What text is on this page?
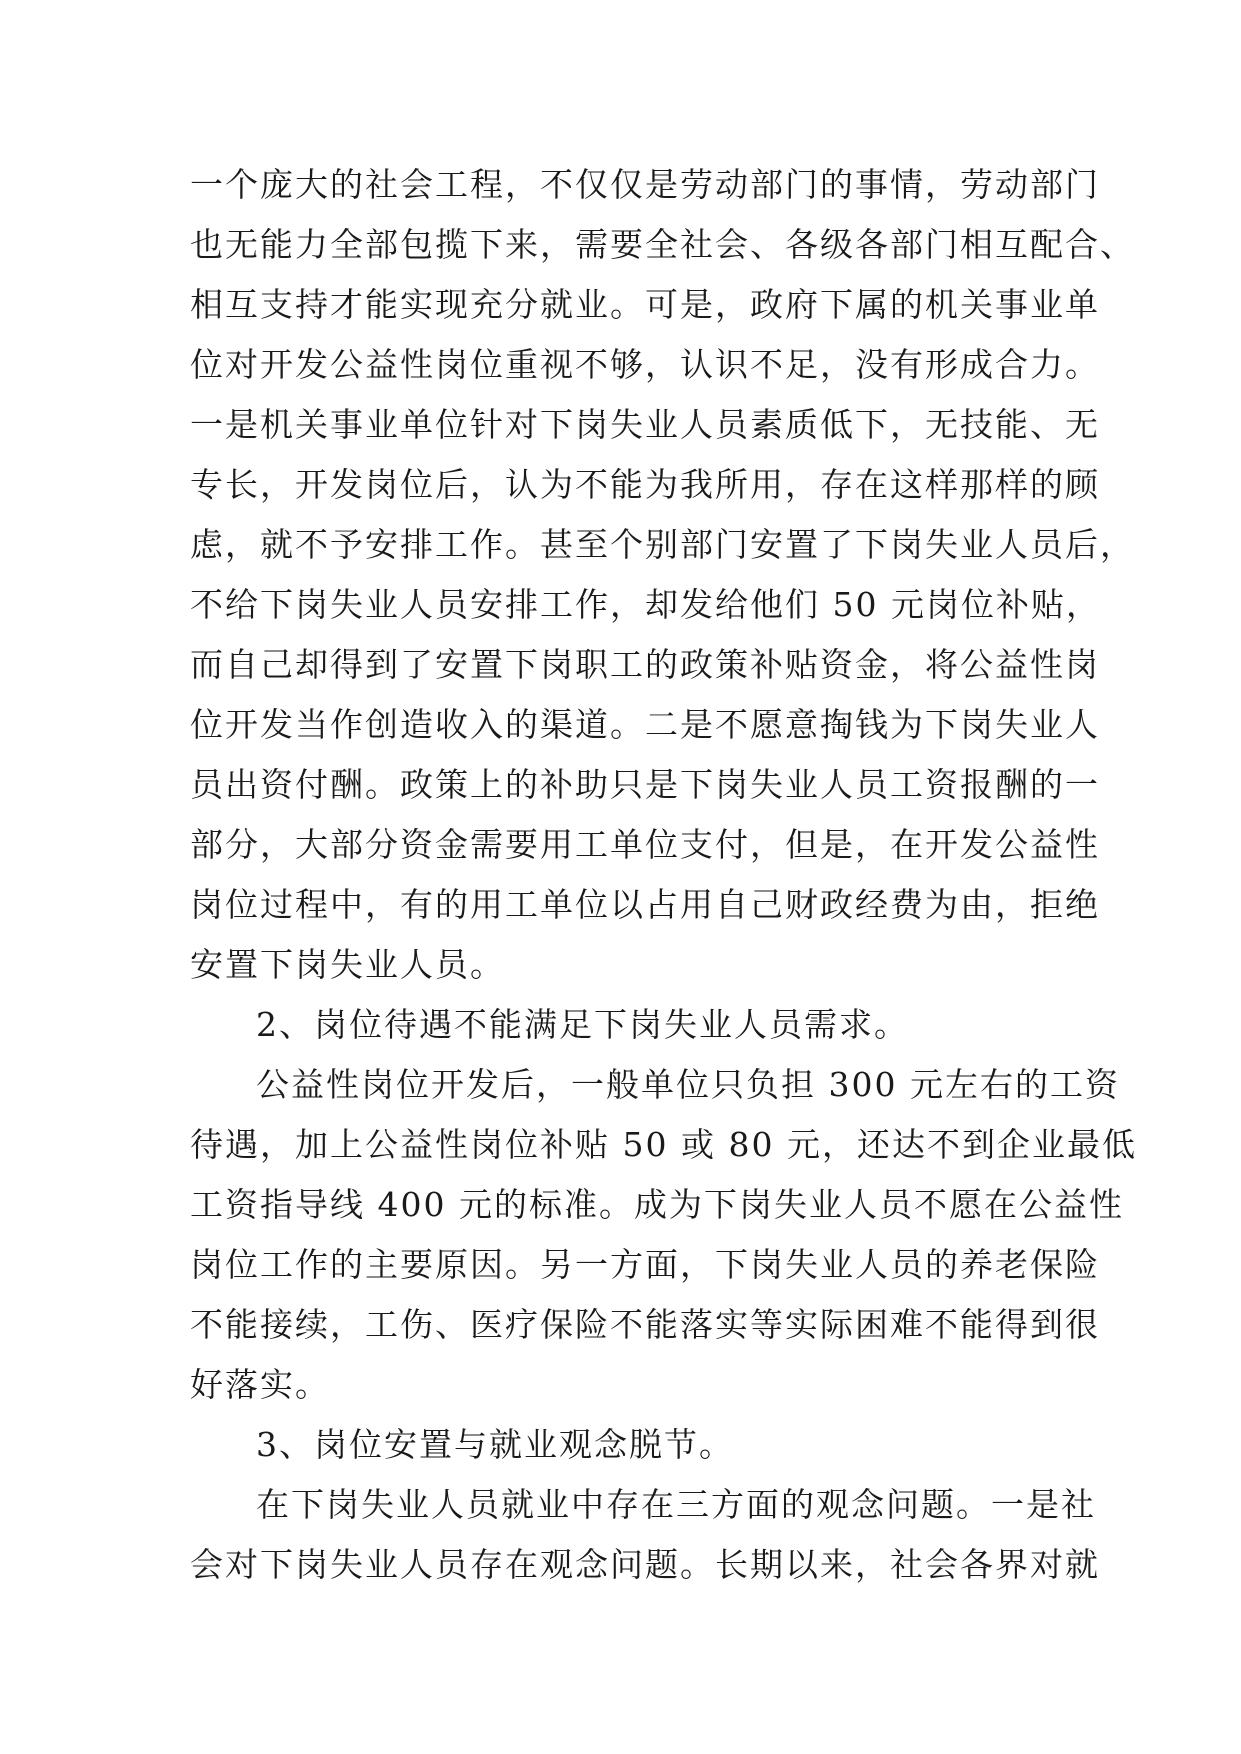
一个庞大的社会工程，不仅仅是劳动部门的事情，劳动部门
也无能力全部包揽下来，需要全社会、各级各部门相互配合、
相互支持才能实现充分就业。可是，政府下属的机关事业单
位对开发公益性岗位重视不够，认识不足，没有形成合力。
一是机关事业单位针对下岗失业人员素质低下，无技能、无
专长，开发岗位后，认为不能为我所用，存在这样那样的顾
虑，就不予安排工作。甚至个别部门安置了下岗失业人员后，
不给下岗失业人员安排工作，却发给他们 50 元岗位补贴，
而自己却得到了安置下岗职工的政策补贴资金，将公益性岗
位开发当作创造收入的渠道。二是不愿意掏钱为下岗失业人
员出资付酬。政策上的补助只是下岗失业人员工资报酬的一
部分，大部分资金需要用工单位支付，但是，在开发公益性
岗位过程中，有的用工单位以占用自己财政经费为由，拒绝
安置下岗失业人员。
2、岗位待遇不能满足下岗失业人员需求。
公益性岗位开发后，一般单位只负担 300 元左右的工资
待遇，加上公益性岗位补贴 50 或 80 元，还达不到企业最低
工资指导线 400 元的标准。成为下岗失业人员不愿在公益性
岗位工作的主要原因。另一方面，下岗失业人员的养老保险
不能接续，工伤、医疗保险不能落实等实际困难不能得到很
好落实。
3、岗位安置与就业观念脱节。
在下岗失业人员就业中存在三方面的观念问题。一是社
会对下岗失业人员存在观念问题。长期以来，社会各界对就
